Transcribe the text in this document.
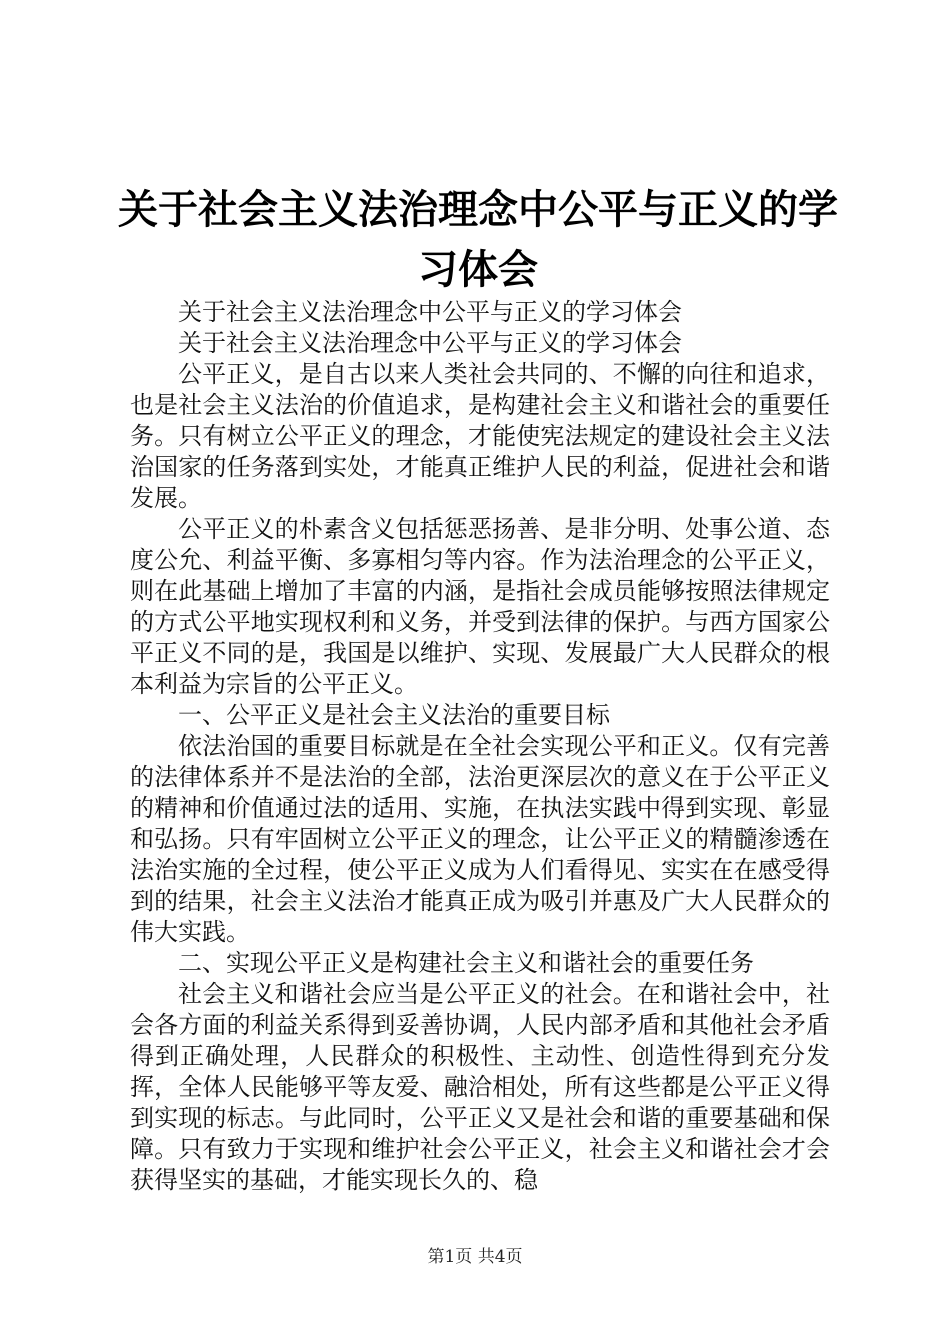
关于社会主义法治理念中公平与正义的学习体会

关于社会主义法治理念中公平与正义的学习体会

关于社会主义法治理念中公平与正义的学习体会

公平正义，是自古以来人类社会共同的、不懈的向往和追求，也是社会主义法治的价值追求，是构建社会主义和谐社会的重要任务。只有树立公平正义的理念，才能使宪法规定的建设社会主义法治国家的任务落到实处，才能真正维护人民的利益，促进社会和谐发展。

公平正义的朴素含义包括惩恶扬善、是非分明、处事公道、态度公允、利益平衡、多寡相匀等内容。作为法治理念的公平正义，则在此基础上增加了丰富的内涵，是指社会成员能够按照法律规定的方式公平地实现权利和义务，并受到法律的保护。与西方国家公平正义不同的是，我国是以维护、实现、发展最广大人民群众的根本利益为宗旨的公平正义。

一、公平正义是社会主义法治的重要目标

依法治国的重要目标就是在全社会实现公平和正义。仅有完善的法律体系并不是法治的全部，法治更深层次的意义在于公平正义的精神和价值通过法的适用、实施，在执法实践中得到实现、彰显和弘扬。只有牢固树立公平正义的理念，让公平正义的精髓渗透在法治实施的全过程，使公平正义成为人们看得见、实实在在感受得到的结果，社会主义法治才能真正成为吸引并惠及广大人民群众的伟大实践。

二、实现公平正义是构建社会主义和谐社会的重要任务

社会主义和谐社会应当是公平正义的社会。在和谐社会中，社会各方面的利益关系得到妥善协调，人民内部矛盾和其他社会矛盾得到正确处理，人民群众的积极性、主动性、创造性得到充分发挥，全体人民能够平等友爱、融洽相处，所有这些都是公平正义得到实现的标志。与此同时，公平正义又是社会和谐的重要基础和保障。只有致力于实现和维护社会公平正义，社会主义和谐社会才会获得坚实的基础，才能实现长久的、稳

第1页 共4页
